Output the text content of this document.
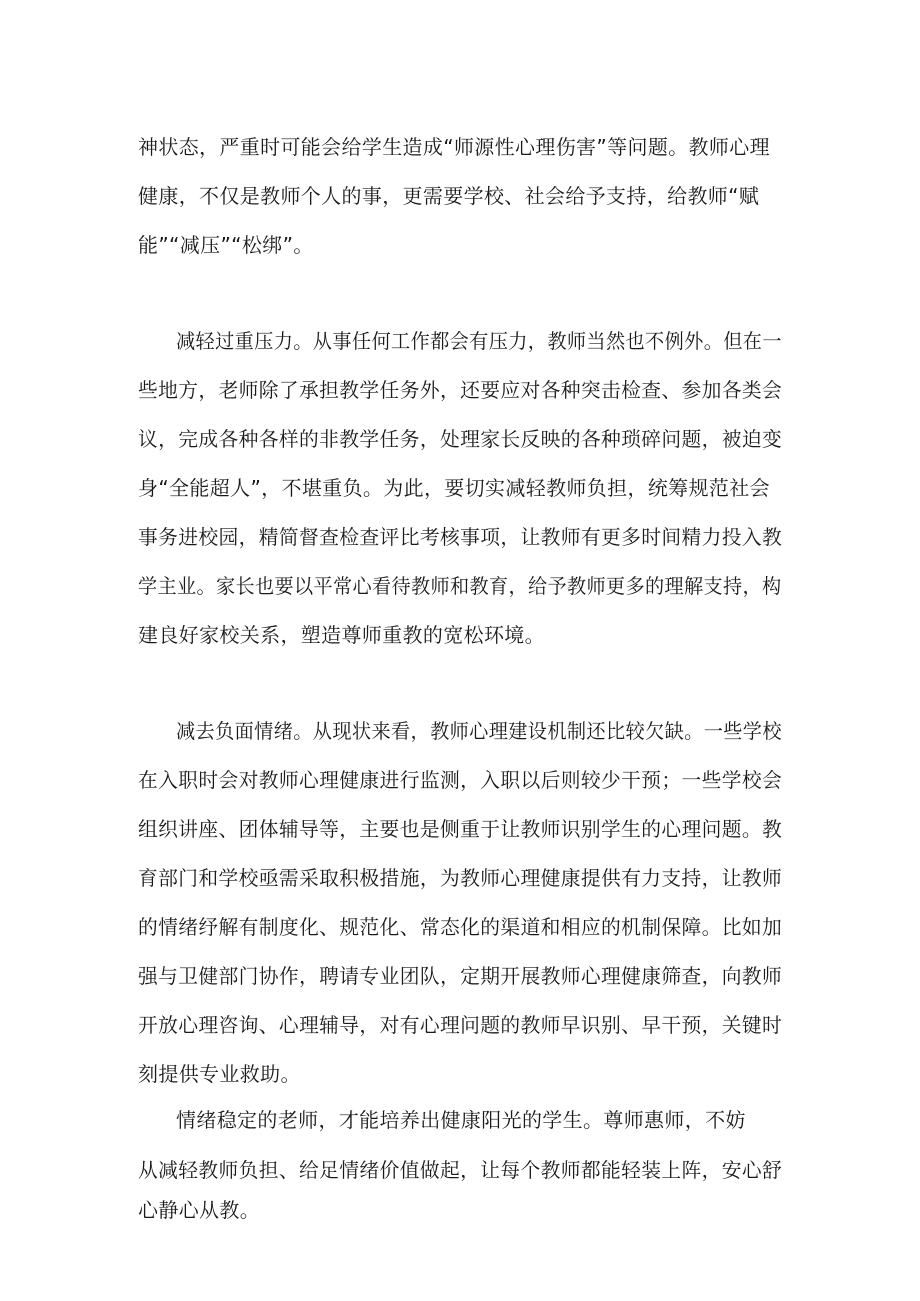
神状态，严重时可能会给学生造成“师源性心理伤害”等问题。教师心理
健康，不仅是教师个人的事，更需要学校、社会给予支持，给教师“赋
能”“减压”“松绑”。
减轻过重压力。从事任何工作都会有压力，教师当然也不例外。但在一
些地方，老师除了承担教学任务外，还要应对各种突击检查、参加各类会
议，完成各种各样的非教学任务，处理家长反映的各种琐碎问题，被迫变
身“全能超人”，不堪重负。为此，要切实减轻教师负担，统筹规范社会
事务进校园，精简督查检查评比考核事项，让教师有更多时间精力投入教
学主业。家长也要以平常心看待教师和教育，给予教师更多的理解支持，构
建良好家校关系，塑造尊师重教的宽松环境。
减去负面情绪。从现状来看，教师心理建设机制还比较欠缺。一些学校
在入职时会对教师心理健康进行监测，入职以后则较少干预；一些学校会
组织讲座、团体辅导等，主要也是侧重于让教师识别学生的心理问题。教
育部门和学校亟需采取积极措施，为教师心理健康提供有力支持，让教师
的情绪纾解有制度化、规范化、常态化的渠道和相应的机制保障。比如加
强与卫健部门协作，聘请专业团队，定期开展教师心理健康筛查，向教师
开放心理咨询、心理辅导，对有心理问题的教师早识别、早干预，关键时
刻提供专业救助。
情绪稳定的老师，才能培养出健康阳光的学生。尊师惠师，不妨
从减轻教师负担、给足情绪价值做起，让每个教师都能轻装上阵，安心舒
心静心从教。
